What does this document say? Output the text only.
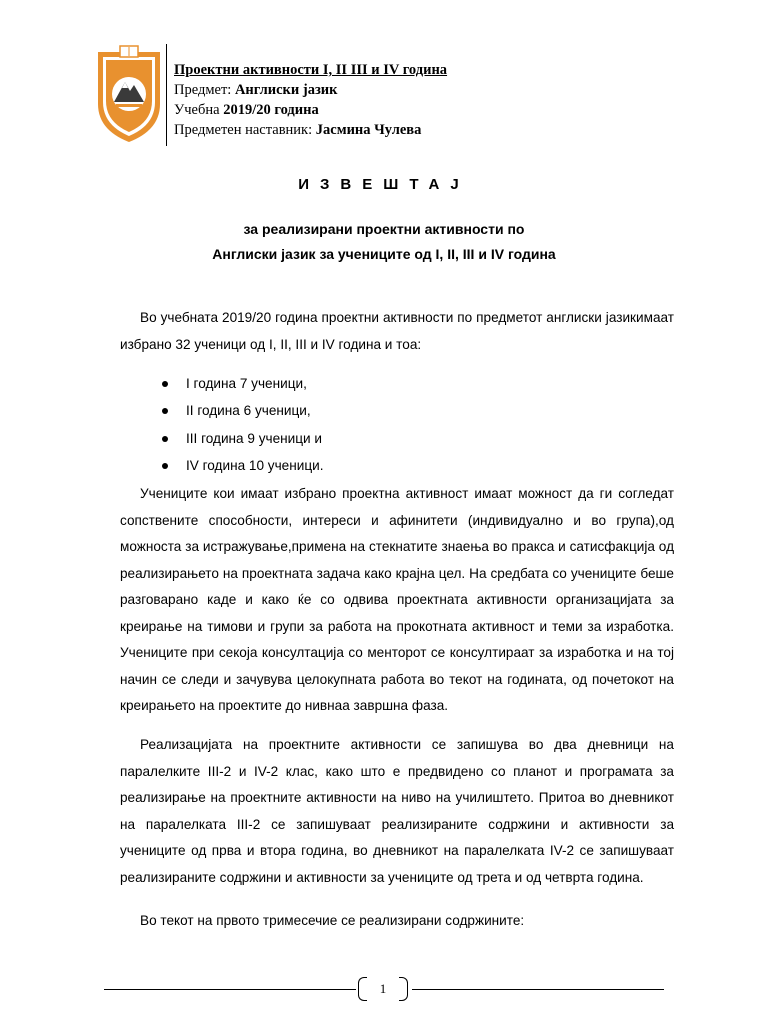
Проектни активности I, II III и IV година
Предмет: Англиски јазик
Учебна 2019/20 година
Предметен наставник: Јасмина Чулева
ИЗВЕШТАЈ
за реализирани проектни активности по
Англиски јазик за учениците од I, II, III и IV година
Во учебната 2019/20 година проектни активности по предметот англиски јазикимаат избрано 32 ученици од I, II, III и IV година и тоа:
I година 7 ученици,
II година 6 ученици,
III година 9 ученици и
IV година 10 ученици.
Учениците кои имаат избрано проектна активност имаат можност да ги согледат сопствените способности, интереси и афинитети (индивидуално и во група),од можноста за истражување,примена на стекнатите знаења во пракса и сатисфакција од реализирањето на проектната задача како крајна цел. На средбата со учениците беше разговарано каде и како ќе со одвива проектната активности организацијата за креирање на тимови и групи за работа на прокотната активност и теми за изработка. Учениците при секоја консултација со менторот се консултираат за изработка и на тој начин се следи и зачувува целокупната работа во текот на годината, од почетокот на креирањето на проектите до нивнаа завршна фаза.
Реализацијата на проектните активности се запишува во два дневници на паралелките III-2 и IV-2 клас, како што е предвидено со планот и програмата за реализирање на проектните активности на ниво на училиштето. Притоа во дневникот на паралелката III-2 се запишуваат реализираните содржини и активности за учениците од прва и втора година, во дневникот на паралелката IV-2 се запишуваат реализираните содржини и активности за учениците од трета и од четврта година.
Во текот на првото тримесечие се реализирани содржините:
1
